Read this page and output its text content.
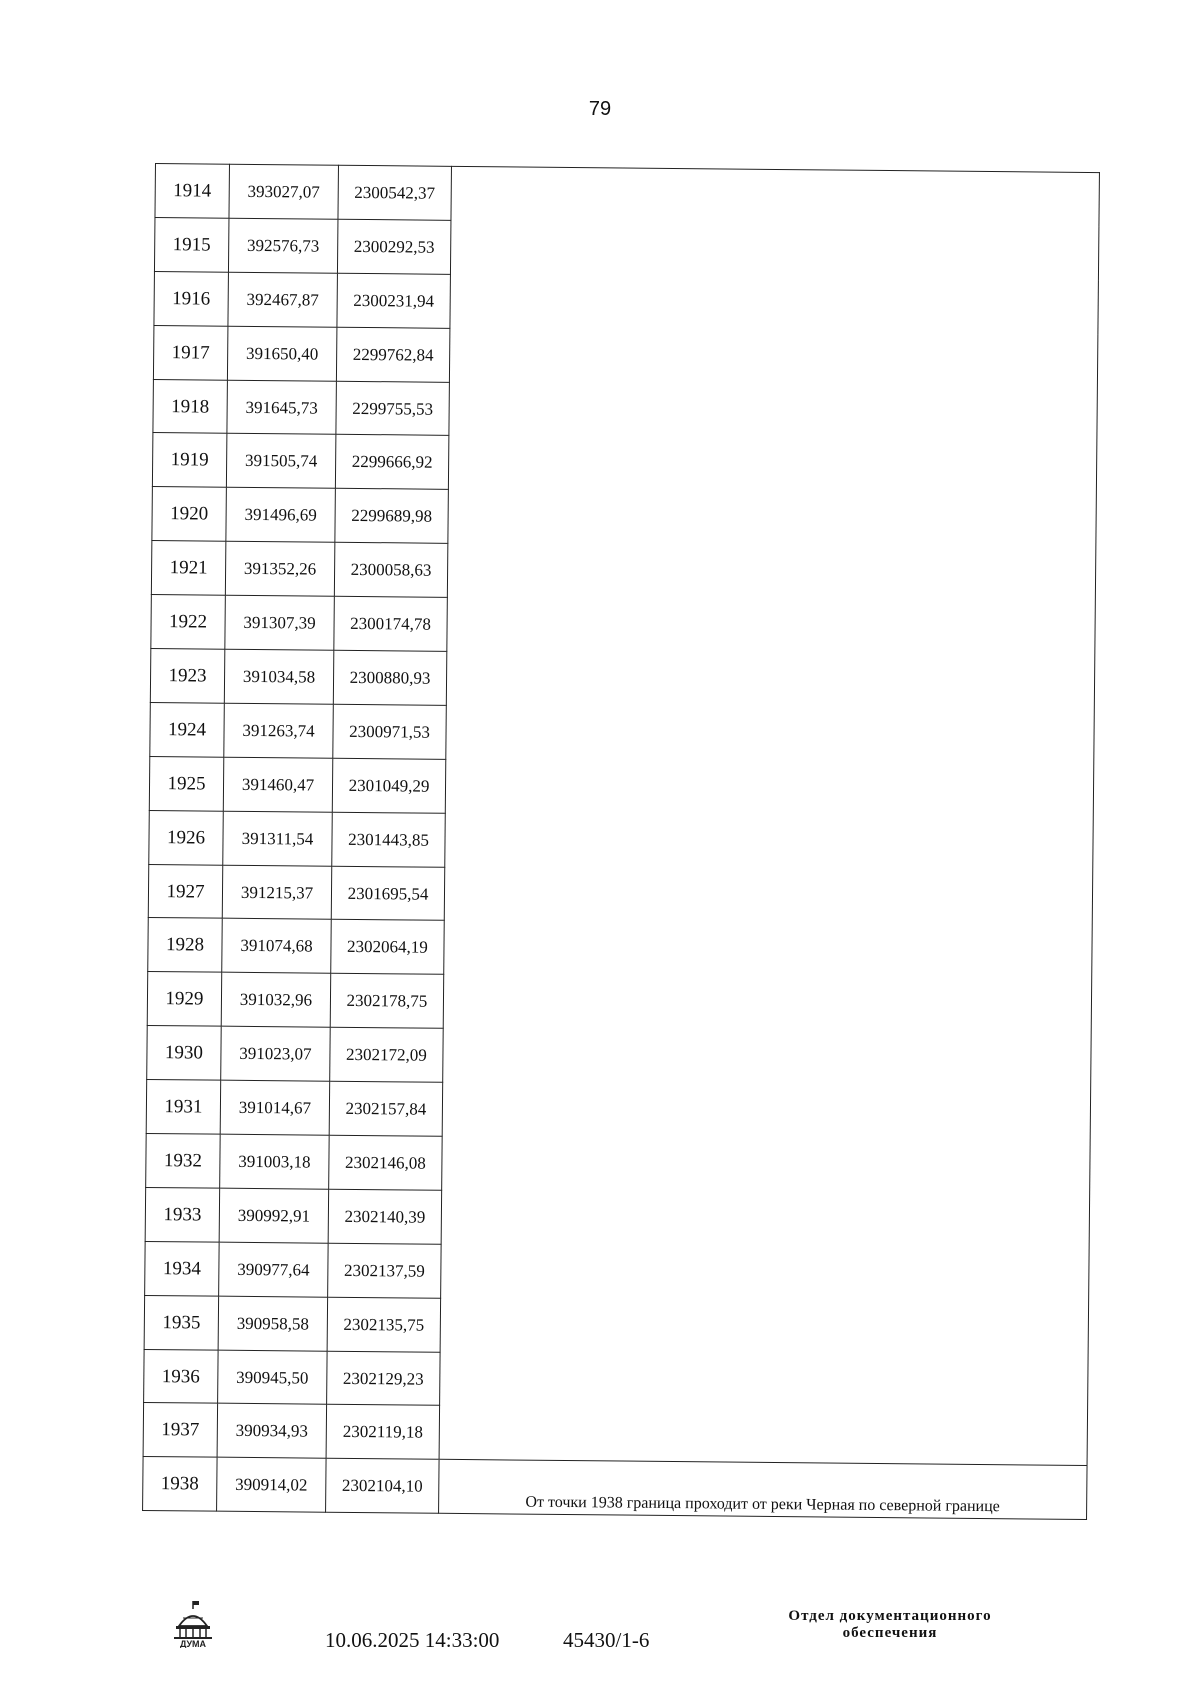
79
1914	393027,07	2300542,37	
1915	392576,73	2300292,53	
1916	392467,87	2300231,94	
1917	391650,40	2299762,84	
1918	391645,73	2299755,53	
1919	391505,74	2299666,92	
1920	391496,69	2299689,98	
1921	391352,26	2300058,63	
1922	391307,39	2300174,78	
1923	391034,58	2300880,93	
1924	391263,74	2300971,53	
1925	391460,47	2301049,29	
1926	391311,54	2301443,85	
1927	391215,37	2301695,54	
1928	391074,68	2302064,19	
1929	391032,96	2302178,75	
1930	391023,07	2302172,09	
1931	391014,67	2302157,84	
1932	391003,18	2302146,08	
1933	390992,91	2302140,39	
1934	390977,64	2302137,59	
1935	390958,58	2302135,75	
1936	390945,50	2302129,23	
1937	390934,93	2302119,18	
1938	390914,02	2302104,10	От точки 1938 граница проходит от реки Черная по северной границе
ДУМА	10.06.2025 14:33:00	45430/1-6
Отдел документационного
обеспечения
